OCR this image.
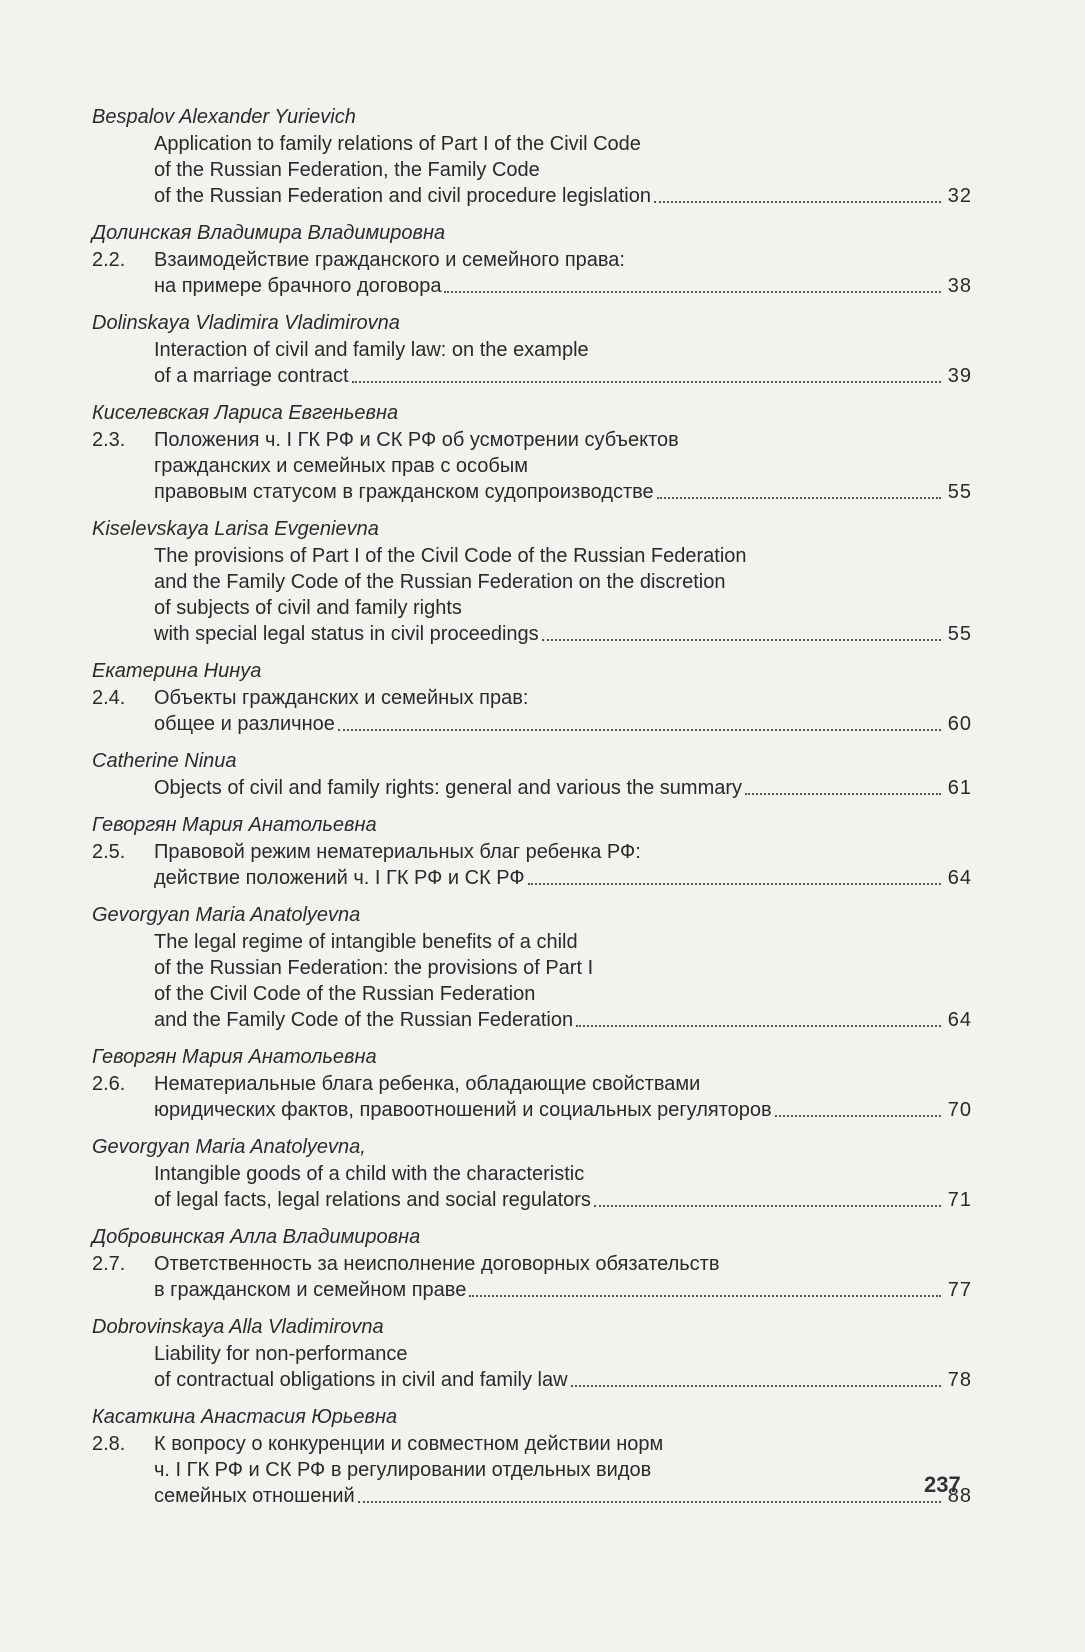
Bespalov Alexander Yurievich
Application to family relations of Part I of the Civil Code
of the Russian Federation, the Family Code
of the Russian Federation and civil procedure legislation	32
Долинская Владимира Владимировна
2.2.	Взаимодействие гражданского и семейного права:
на примере брачного договора	38
Dolinskaya Vladimira Vladimirovna
Interaction of civil and family law: on the example
of a marriage contract	39
Киселевская Лариса Евгеньевна
2.3.	Положения ч. I ГК РФ и СК РФ об усмотрении субъектов
гражданских и семейных прав с особым
правовым статусом в гражданском судопроизводстве	55
Kiselevskaya Larisa Evgenievna
The provisions of Part I of the Civil Code of the Russian Federation
and the Family Code of the Russian Federation on the discretion
of subjects of civil and family rights
with special legal status in civil proceedings	55
Екатерина Нинуа
2.4.	Объекты гражданских и семейных прав:
общее и различное	60
Catherine Ninua
Objects of civil and family rights: general and various the summary	61
Геворгян Мария Анатольевна
2.5.	Правовой режим нематериальных благ ребенка РФ:
действие положений ч. I ГК РФ и СК РФ	64
Gevorgyan Maria Anatolyevna
The legal regime of intangible benefits of a child
of the Russian Federation: the provisions of Part I
of the Civil Code of the Russian Federation
and the Family Code of the Russian Federation	64
Геворгян Мария Анатольевна
2.6.	Нематериальные блага ребенка, обладающие свойствами
юридических фактов, правоотношений и социальных регуляторов	70
Gevorgyan Maria Anatolyevna,
Intangible goods of a child with the characteristic
of legal facts, legal relations and social regulators	71
Добровинская Алла Владимировна
2.7.	Ответственность за неисполнение договорных обязательств
в гражданском и семейном праве	77
Dobrovinskaya Alla Vladimirovna
Liability for non-performance
of contractual obligations in civil and family law	78
Касаткина Анастасия Юрьевна
2.8.	К вопросу о конкуренции и совместном действии норм
ч. I ГК РФ и СК РФ в регулировании отдельных видов
семейных отношений	88
237
